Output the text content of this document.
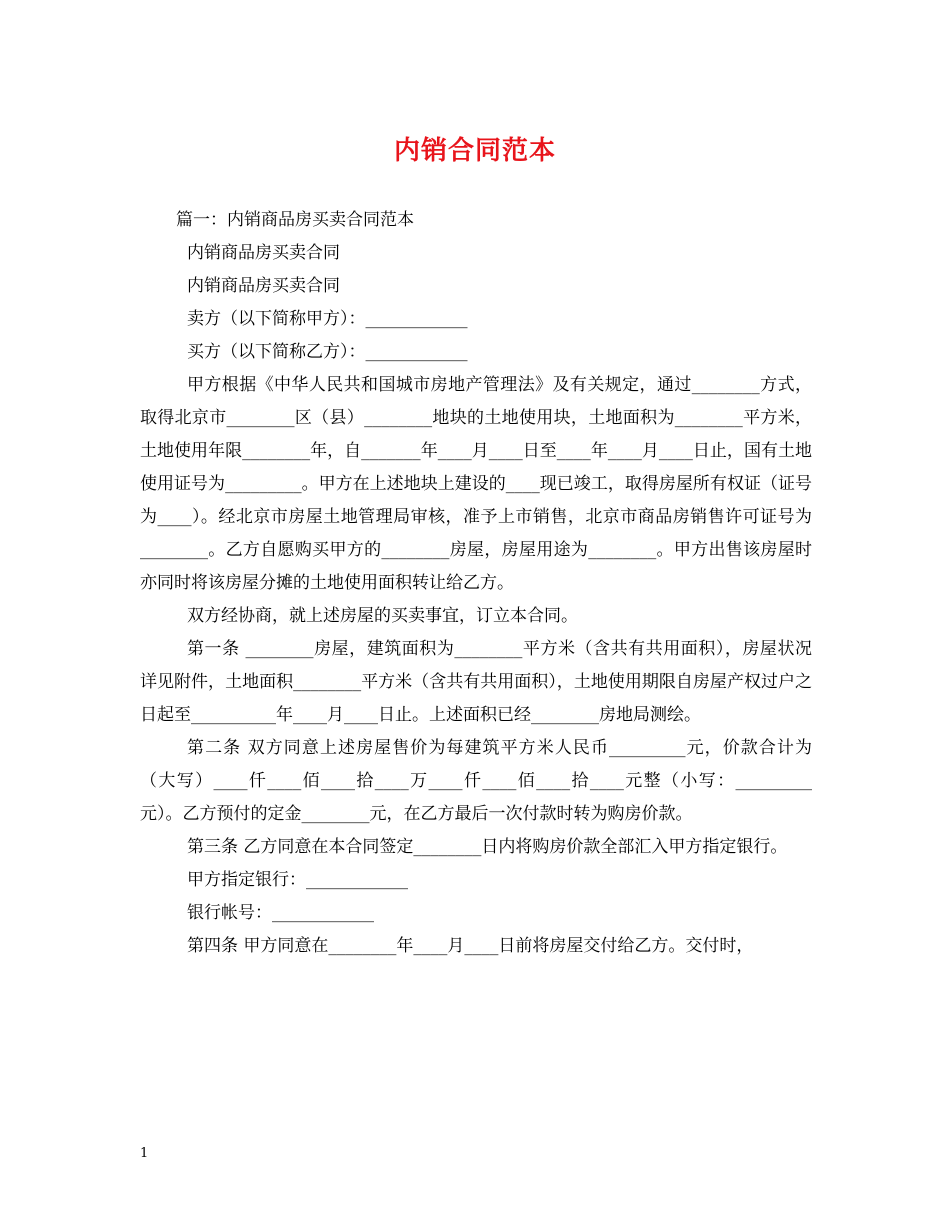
内销合同范本

篇一：内销商品房买卖合同范本

内销商品房买卖合同

内销商品房买卖合同

卖方（以下简称甲方）：____________

买方（以下简称乙方）：____________

甲方根据《中华人民共和国城市房地产管理法》及有关规定，通过________方式，取得北京市________区（县）________地块的土地使用块，土地面积为________平方米，土地使用年限________年，自_______年____月____日至____年____月____日止，国有土地使用证号为_________。甲方在上述地块上建设的____现已竣工，取得房屋所有权证（证号为____）。经北京市房屋土地管理局审核，准予上市销售，北京市商品房销售许可证号为________。乙方自愿购买甲方的________房屋，房屋用途为________。甲方出售该房屋时亦同时将该房屋分摊的土地使用面积转让给乙方。

双方经协商，就上述房屋的买卖事宜，订立本合同。

第一条 ________房屋，建筑面积为________平方米（含共有共用面积），房屋状况详见附件，土地面积________平方米（含共有共用面积），土地使用期限自房屋产权过户之日起至__________年____月____日止。上述面积已经________房地局测绘。

第二条 双方同意上述房屋售价为每建筑平方米人民币_________元，价款合计为（大写）____仟____佰____拾____万____仟____佰____拾____元整（小写：_________元）。乙方预付的定金________元，在乙方最后一次付款时转为购房价款。

第三条 乙方同意在本合同签定________日内将购房价款全部汇入甲方指定银行。

甲方指定银行：____________

银行帐号：____________

第四条 甲方同意在________年____月____日前将房屋交付给乙方。交付时，

1
